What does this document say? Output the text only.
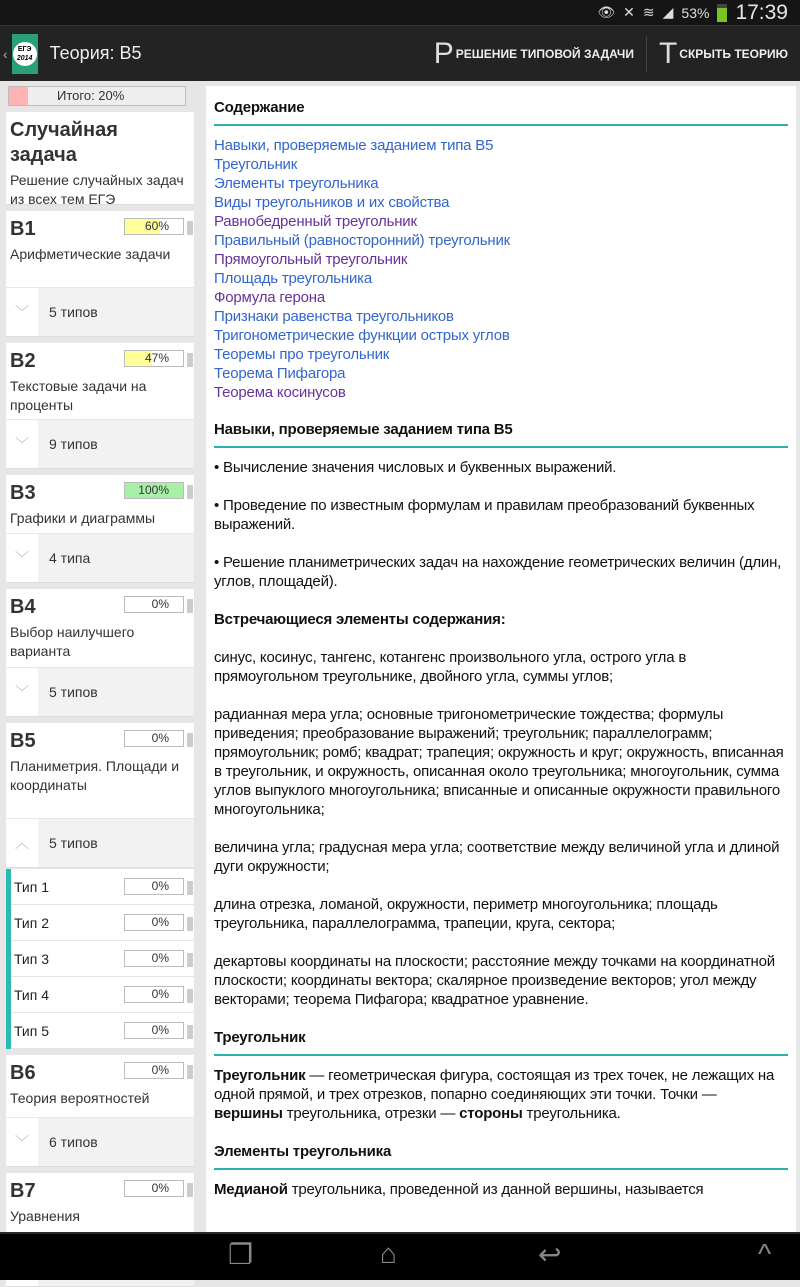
👁 ✕ ≋ ◢ 53% 17:39
‹	ЕГЭ
2014 Теория: В5	Р РЕШЕНИЕ ТИПОВОЙ ЗАДАЧИ Т СКРЫТЬ ТЕОРИЮ
Итого: 20%
Случайная задача

Решение случайных задач из всех тем ЕГЭ

B1	60%
Арифметические задачи
﹀	5 типов
B2	47%
Текстовые задачи на проценты
﹀	9 типов
B3	100%
Графики и диаграммы
﹀	4 типа
B4	0%
Выбор наилучшего варианта
﹀	5 типов
B5	0%
Планиметрия. Площади и координаты
︿	5 типов
Тип 1	0%
Тип 2	0%
Тип 3	0%
Тип 4	0%
Тип 5	0%
B6	0%
Теория вероятностей
﹀	6 типов
B7	0%
Уравнения
Содержание
Навыки, проверяемые заданием типа B5
Треугольник
Элементы треугольника
Виды треугольников и их свойства
Равнобедренный треугольник
Правильный (равносторонний) треугольник
Прямоугольный треугольник
Площадь треугольника
Формула герона
Признаки равенства треугольников
Тригонометрические функции острых углов
Теоремы про треугольник
Теорема Пифагора
Теорема косинусов
Навыки, проверяемые заданием типа B5
• Вычисление значения числовых и буквенных выражений.
• Проведение по известным формулам и правилам преобразований буквенных выражений.
• Решение планиметрических задач на нахождение геометрических величин (длин, углов, площадей).
Встречающиеся элементы содержания:
синус, косинус, тангенс, котангенс произвольного угла, острого угла в прямоугольном треугольнике, двойного угла, суммы углов;
радианная мера угла; основные тригонометрические тождества; формулы приведения; преобразование выражений; треугольник; параллелограмм; прямоугольник; ромб; квадрат; трапеция; окружность и круг; окружность, вписанная в треугольник, и окружность, описанная около треугольника; многоугольник, сумма углов выпуклого многоугольника; вписанные и описанные окружности правильного многоугольника;
величина угла; градусная мера угла; соответствие между величиной угла и длиной дуги окружности;
длина отрезка, ломаной, окружности, периметр многоугольника; площадь треугольника, параллелограмма, трапеции, круга, сектора;
декартовы координаты на плоскости; расстояние между точками на координатной плоскости; координаты вектора; скалярное произведение векторов; угол между векторами; теорема Пифагора; квадратное уравнение.
Треугольник
Треугольник — геометрическая фигура, состоящая из трех точек, не лежащих на одной прямой, и трех отрезков, попарно соединяющих эти точки. Точки — вершины треугольника, отрезки — стороны треугольника.
Элементы треугольника
Медианой треугольника, проведенной из данной вершины, называется
❐	⌂	↩	^
